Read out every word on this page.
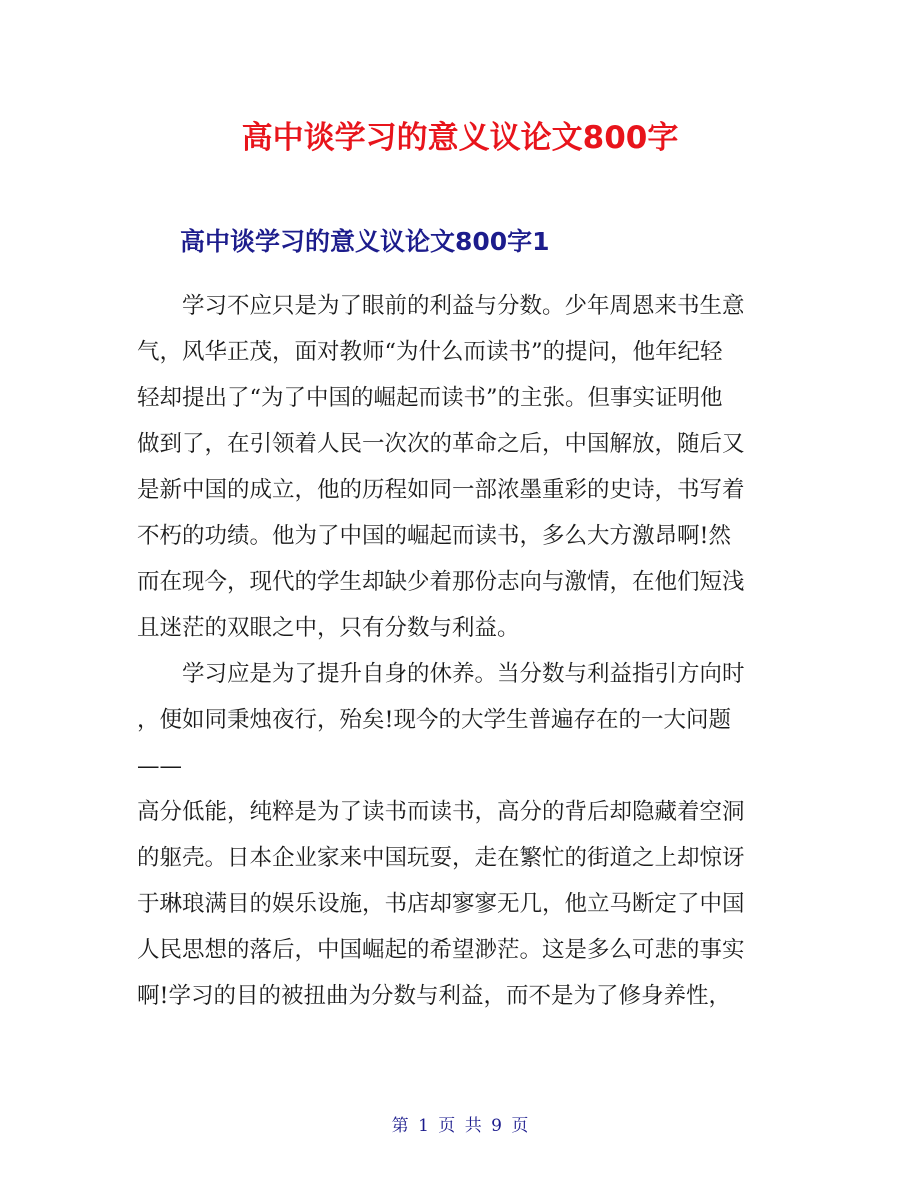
高中谈学习的意义议论文800字
高中谈学习的意义议论文800字1
学习不应只是为了眼前的利益与分数。少年周恩来书生意
气，风华正茂，面对教师“为什么而读书”的提问，他年纪轻
轻却提出了“为了中国的崛起而读书”的主张。但事实证明他
做到了，在引领着人民一次次的革命之后，中国解放，随后又
是新中国的成立，他的历程如同一部浓墨重彩的史诗，书写着
不朽的功绩。他为了中国的崛起而读书，多么大方激昂啊!然
而在现今，现代的学生却缺少着那份志向与激情，在他们短浅
且迷茫的双眼之中，只有分数与利益。
学习应是为了提升自身的休养。当分数与利益指引方向时
，便如同秉烛夜行，殆矣!现今的大学生普遍存在的一大问题
——
高分低能，纯粹是为了读书而读书，高分的背后却隐藏着空洞
的躯壳。日本企业家来中国玩耍，走在繁忙的街道之上却惊讶
于琳琅满目的娱乐设施，书店却寥寥无几，他立马断定了中国
人民思想的落后，中国崛起的希望渺茫。这是多么可悲的事实
啊!学习的目的被扭曲为分数与利益，而不是为了修身养性，
第 1 页 共 9 页
